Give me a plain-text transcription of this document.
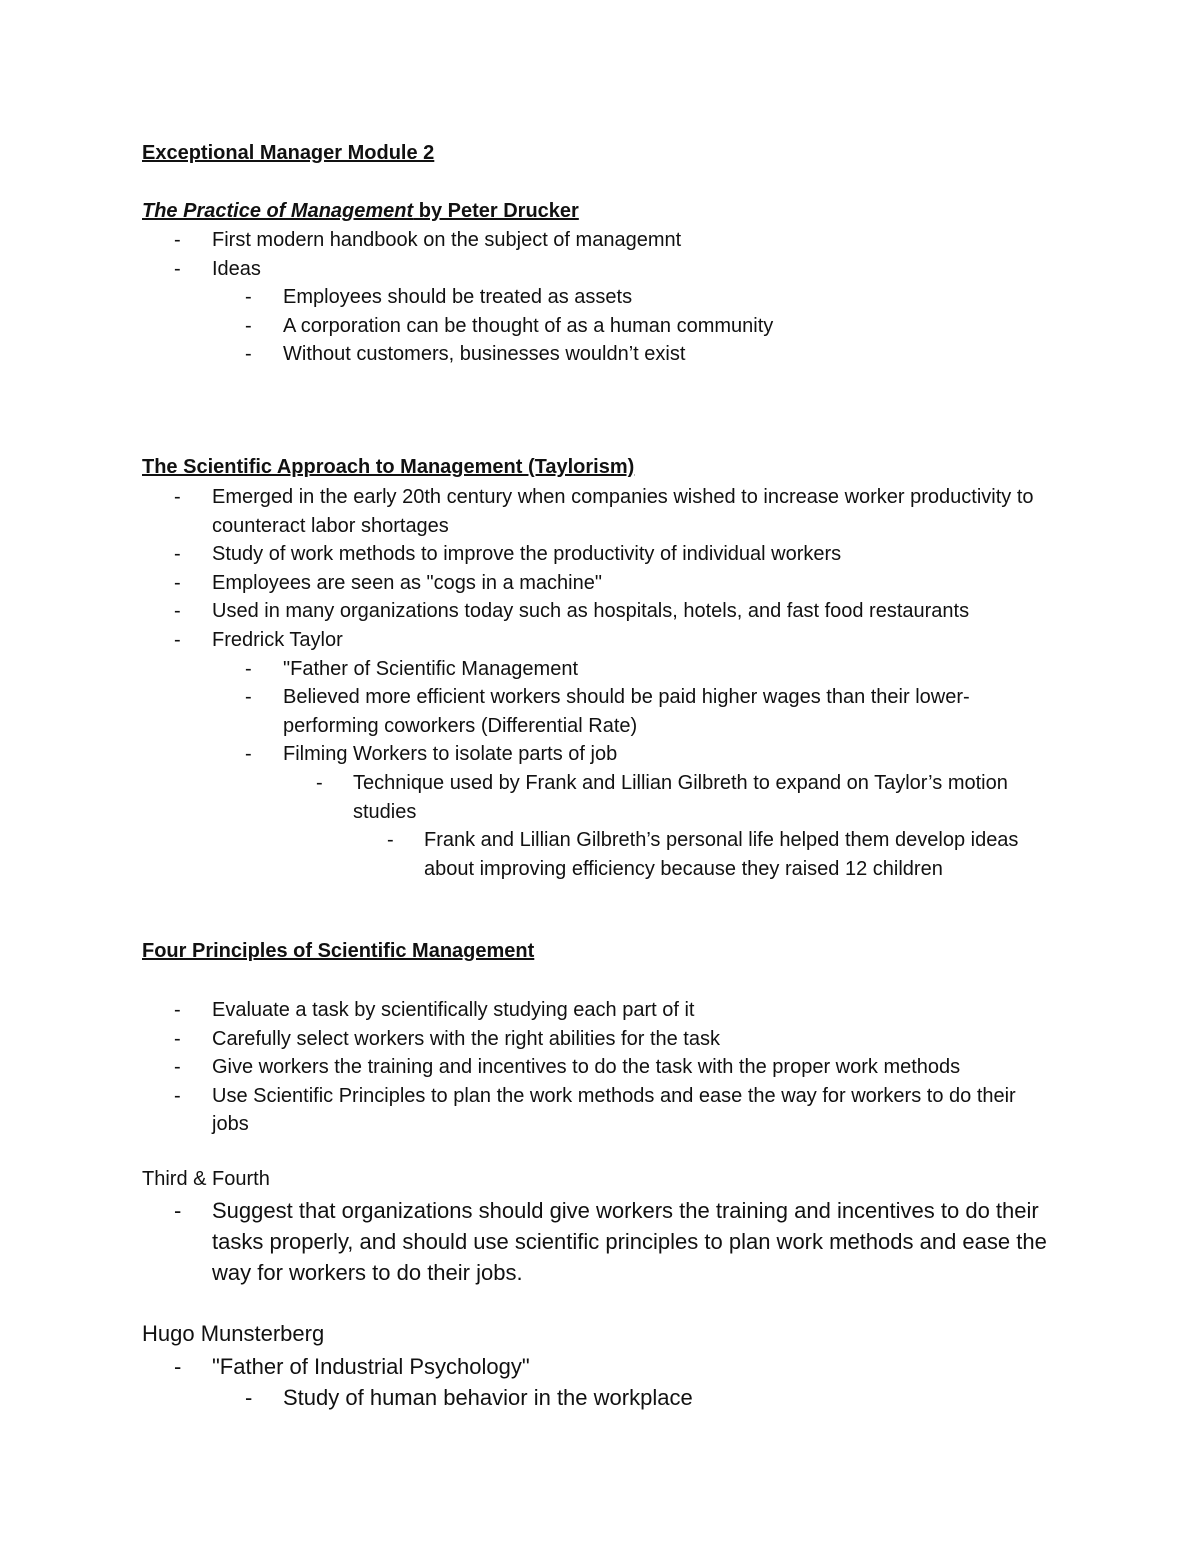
Exceptional Manager Module 2
The Practice of Management by Peter Drucker
-	First modern handbook on the subject of managemnt
-	Ideas
-	Employees should be treated as assets
-	A corporation can be thought of as a human community
-	Without customers, businesses wouldn’t exist
The Scientific Approach to Management (Taylorism)
-	Emerged in the early 20th century when companies wished to increase worker productivity to counteract labor shortages
-	Study of work methods to improve the productivity of individual workers
-	Employees are seen as "cogs in a machine"
-	Used in many organizations today such as hospitals, hotels, and fast food restaurants
-	Fredrick Taylor
-	"Father of Scientific Management
-	Believed more efficient workers should be paid higher wages than their lower-performing coworkers (Differential Rate)
-	Filming Workers to isolate parts of job
-	Technique used by Frank and Lillian Gilbreth to expand on Taylor’s motion studies
-	Frank and Lillian Gilbreth’s personal life helped them develop ideas about improving efficiency because they raised 12 children
Four Principles of Scientific Management
-	Evaluate a task by scientifically studying each part of it
-	Carefully select workers with the right abilities for the task
-	Give workers the training and incentives to do the task with the proper work methods
-	Use Scientific Principles to plan the work methods and ease the way for workers to do their jobs
Third & Fourth
-	Suggest that organizations should give workers the training and incentives to do their tasks properly, and should use scientific principles to plan work methods and ease the way for workers to do their jobs.
Hugo Munsterberg
-	"Father of Industrial Psychology"
-	Study of human behavior in the workplace
